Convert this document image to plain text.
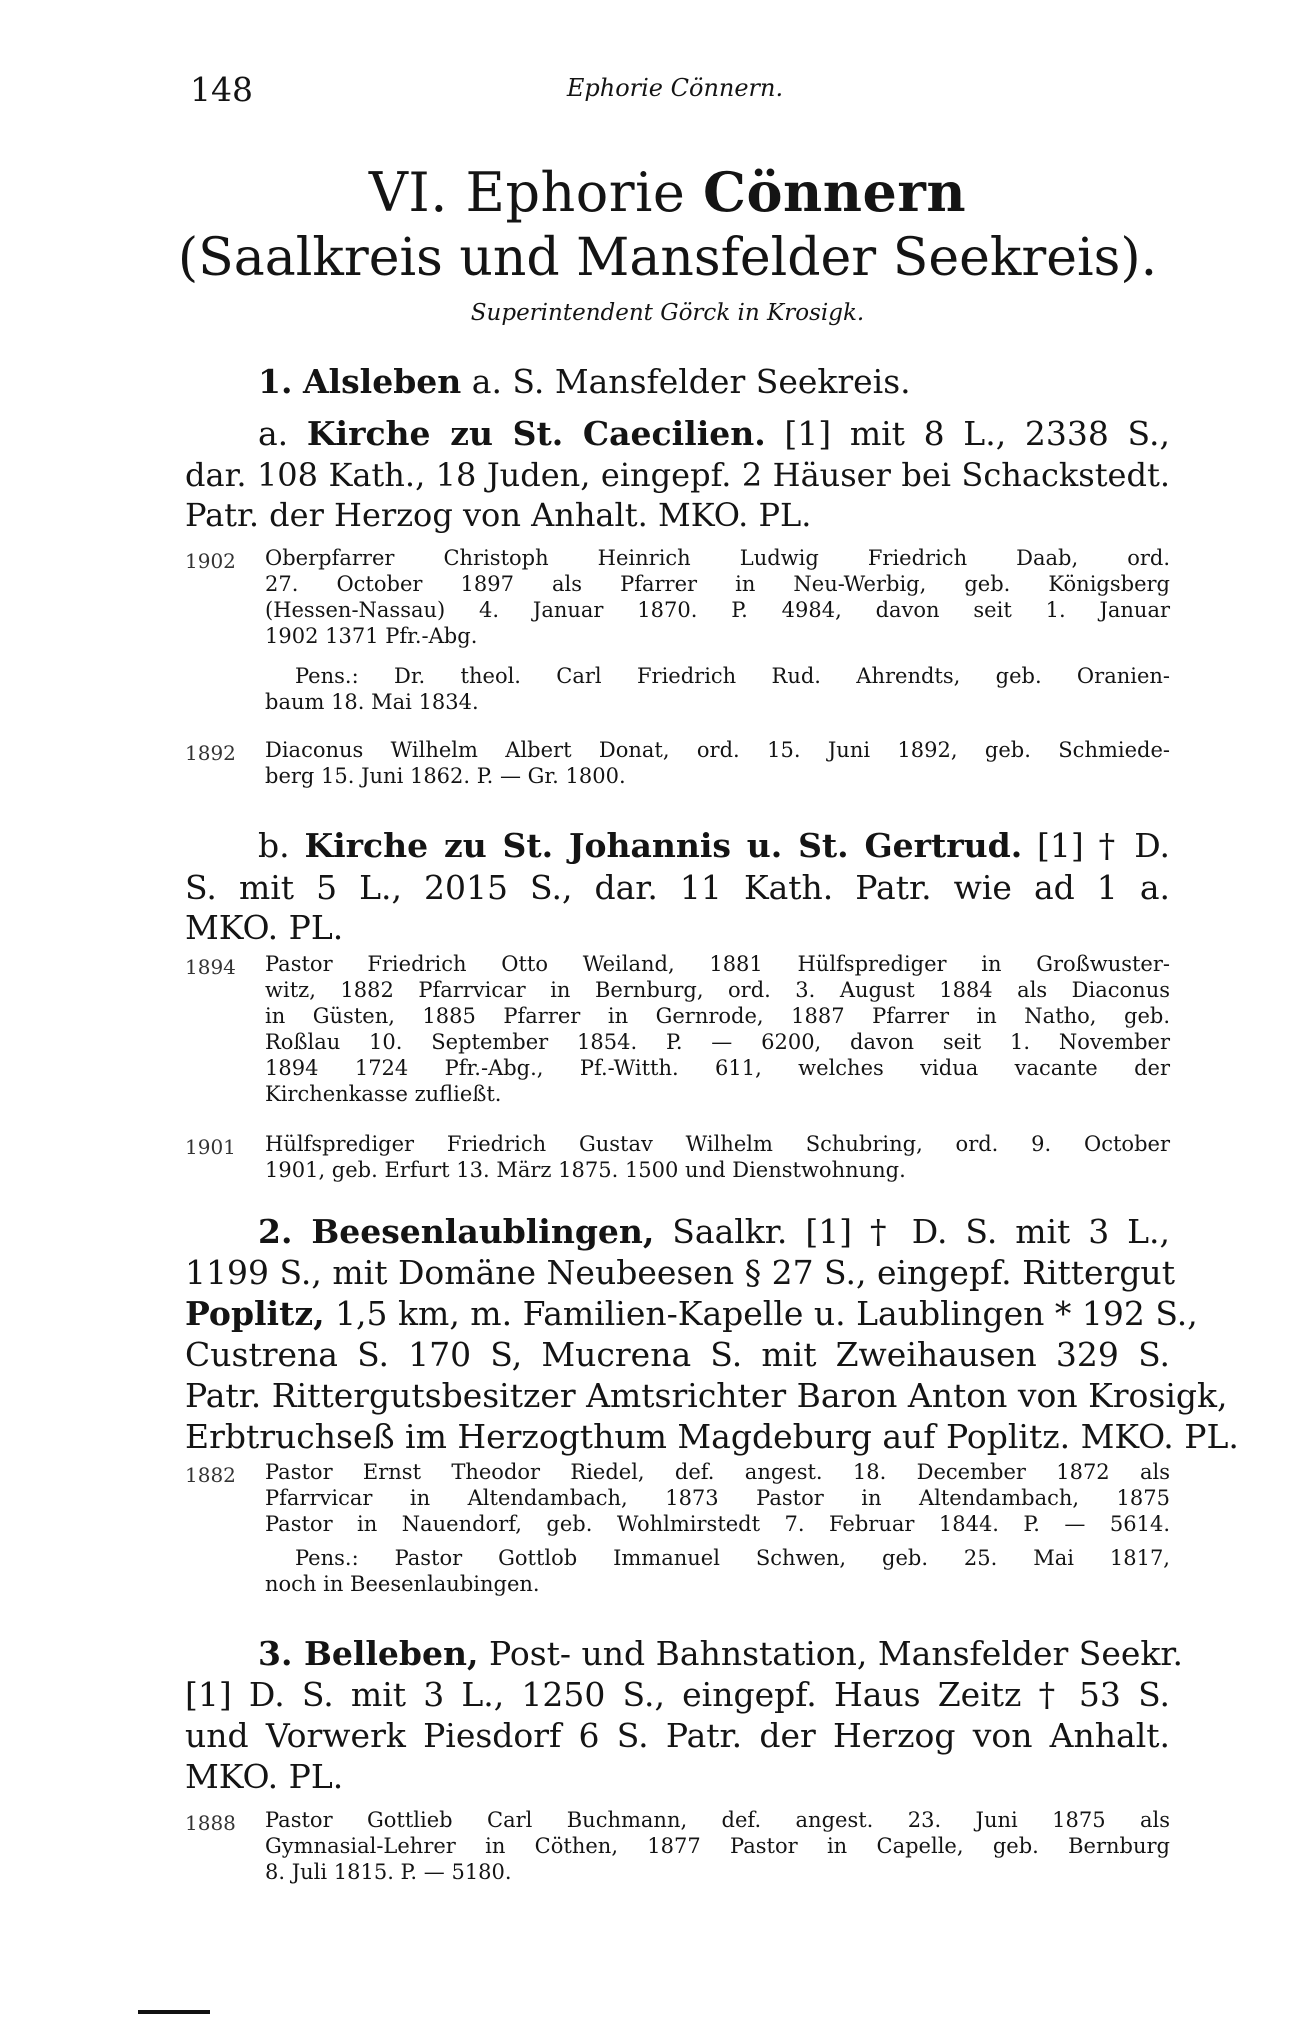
148	Ephorie Cönnern.
VI. Ephorie Cönnern
(Saalkreis und Mansfelder Seekreis).
Superintendent Görck in Krosigk.
1. Alsleben a. S. Mansfelder Seekreis.
a. Kirche zu St. Caecilien. [1] mit 8 L., 2338 S.,
dar. 108 Kath., 18 Juden, eingepf. 2 Häuser bei Schackstedt.
Patr. der Herzog von Anhalt. MKO. PL.
1902 Oberpfarrer Christoph Heinrich Ludwig Friedrich Daab, ord.
27. October 1897 als Pfarrer in Neu-Werbig, geb. Königsberg
(Hessen-Nassau) 4. Januar 1870. P. 4984, davon seit 1. Januar
1902 1371 Pfr.-Abg.
Pens.: Dr. theol. Carl Friedrich Rud. Ahrendts, geb. Oranien-
baum 18. Mai 1834.
1892 Diaconus Wilhelm Albert Donat, ord. 15. Juni 1892, geb. Schmiede-
berg 15. Juni 1862. P. — Gr. 1800.
b. Kirche zu St. Johannis u. St. Gertrud. [1] † D.
S. mit 5 L., 2015 S., dar. 11 Kath. Patr. wie ad 1 a.
MKO. PL.
1894 Pastor Friedrich Otto Weiland, 1881 Hülfsprediger in Großwuster-
witz, 1882 Pfarrvicar in Bernburg, ord. 3. August 1884 als Diaconus
in Güsten, 1885 Pfarrer in Gernrode, 1887 Pfarrer in Natho, geb.
Roßlau 10. September 1854. P. — 6200, davon seit 1. November
1894 1724 Pfr.-Abg., Pf.-Witth. 611, welches vidua vacante der
Kirchenkasse zufließt.
1901 Hülfsprediger Friedrich Gustav Wilhelm Schubring, ord. 9. October
1901, geb. Erfurt 13. März 1875. 1500 und Dienstwohnung.
2. Beesenlaublingen, Saalkr. [1] † D. S. mit 3 L.,
1199 S., mit Domäne Neubeesen § 27 S., eingepf. Rittergut
Poplitz, 1,5 km, m. Familien-Kapelle u. Laublingen * 192 S.,
Custrena S. 170 S, Mucrena S. mit Zweihausen 329 S.
Patr. Rittergutsbesitzer Amtsrichter Baron Anton von Krosigk,
Erbtruchseß im Herzogthum Magdeburg auf Poplitz. MKO. PL.
1882 Pastor Ernst Theodor Riedel, def. angest. 18. December 1872 als
Pfarrvicar in Altendambach, 1873 Pastor in Altendambach, 1875
Pastor in Nauendorf, geb. Wohlmirstedt 7. Februar 1844. P. — 5614.
Pens.: Pastor Gottlob Immanuel Schwen, geb. 25. Mai 1817,
noch in Beesenlaubingen.
3. Belleben, Post- und Bahnstation, Mansfelder Seekr.
[1] D. S. mit 3 L., 1250 S., eingepf. Haus Zeitz † 53 S.
und Vorwerk Piesdorf 6 S. Patr. der Herzog von Anhalt.
MKO. PL.
1888 Pastor Gottlieb Carl Buchmann, def. angest. 23. Juni 1875 als
Gymnasial-Lehrer in Cöthen, 1877 Pastor in Capelle, geb. Bernburg
8. Juli 1815. P. — 5180.
